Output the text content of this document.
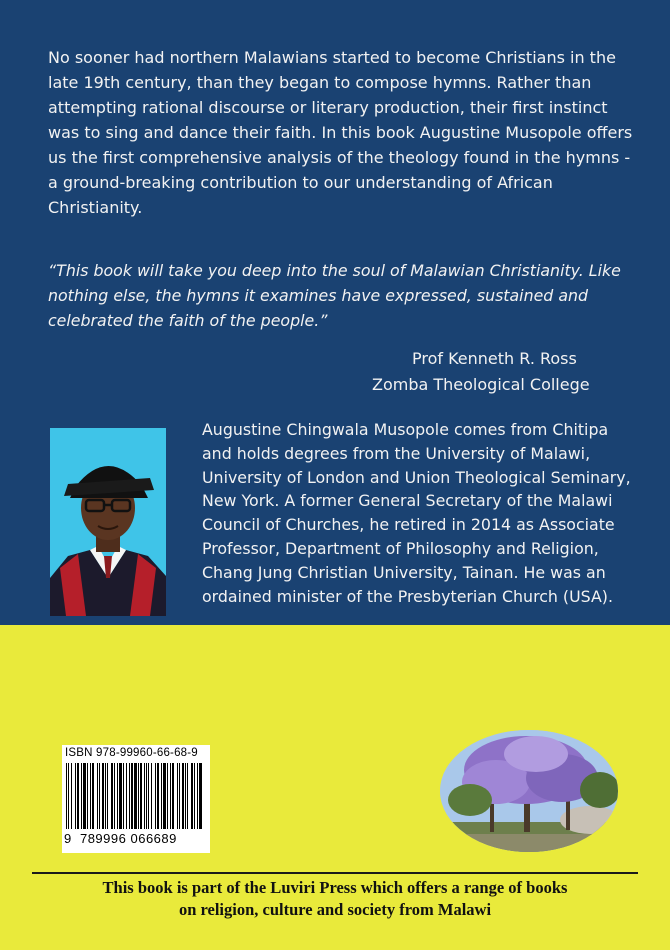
No sooner had northern Malawians started to become Christians in the late 19th century, than they began to compose hymns. Rather than attempting rational discourse or literary production, their first instinct was to sing and dance their faith. In this book Augustine Musopole offers us the first comprehensive analysis of the theology found in the hymns - a ground-breaking contribution to our understanding of African Christianity.

“This book will take you deep into the soul of Malawian Christianity. Like nothing else, the hymns it examines have expressed, sustained and celebrated the faith of the people.”

Prof Kenneth R. Ross
Zomba Theological College

Augustine Chingwala Musopole comes from Chitipa and holds degrees from the University of Malawi, University of London and Union Theological Seminary, New York. A former General Secretary of the Malawi Council of Churches, he retired in 2014 as Associate Professor, Department of Philosophy and Religion, Chang Jung Christian University, Tainan. He was an ordained minister of the Presbyterian Church (USA).

ISBN 978-99960-66-68-9
9 789996 066689
This book is part of the Luviri Press which offers a range of books
on religion, culture and society from Malawi
